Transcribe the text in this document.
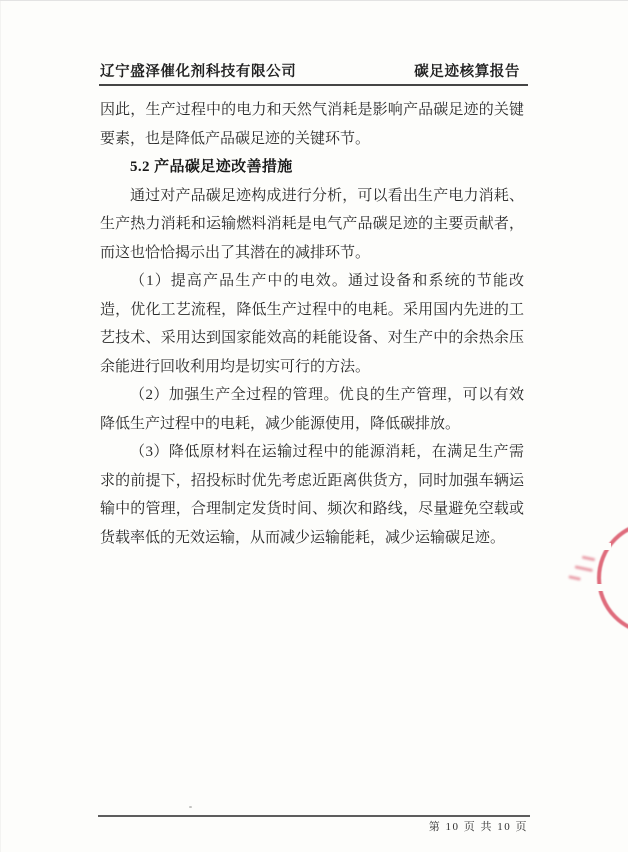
辽宁盛泽催化剂科技有限公司	碳足迹核算报告

因此，生产过程中的电力和天然气消耗是影响产品碳足迹的关键要素，也是降低产品碳足迹的关键环节。

5.2 产品碳足迹改善措施

通过对产品碳足迹构成进行分析，可以看出生产电力消耗、生产热力消耗和运输燃料消耗是电气产品碳足迹的主要贡献者，而这也恰恰揭示出了其潜在的减排环节。

（1）提高产品生产中的电效。通过设备和系统的节能改造，优化工艺流程，降低生产过程中的电耗。采用国内先进的工艺技术、采用达到国家能效高的耗能设备、对生产中的余热余压余能进行回收利用均是切实可行的方法。

（2）加强生产全过程的管理。优良的生产管理，可以有效降低生产过程中的电耗，减少能源使用，降低碳排放。

（3）降低原材料在运输过程中的能源消耗，在满足生产需求的前提下，招投标时优先考虑近距离供货方，同时加强车辆运输中的管理，合理制定发货时间、频次和路线，尽量避免空载或货载率低的无效运输，从而减少运输能耗，减少运输碳足迹。

第 10 页 共 10 页
